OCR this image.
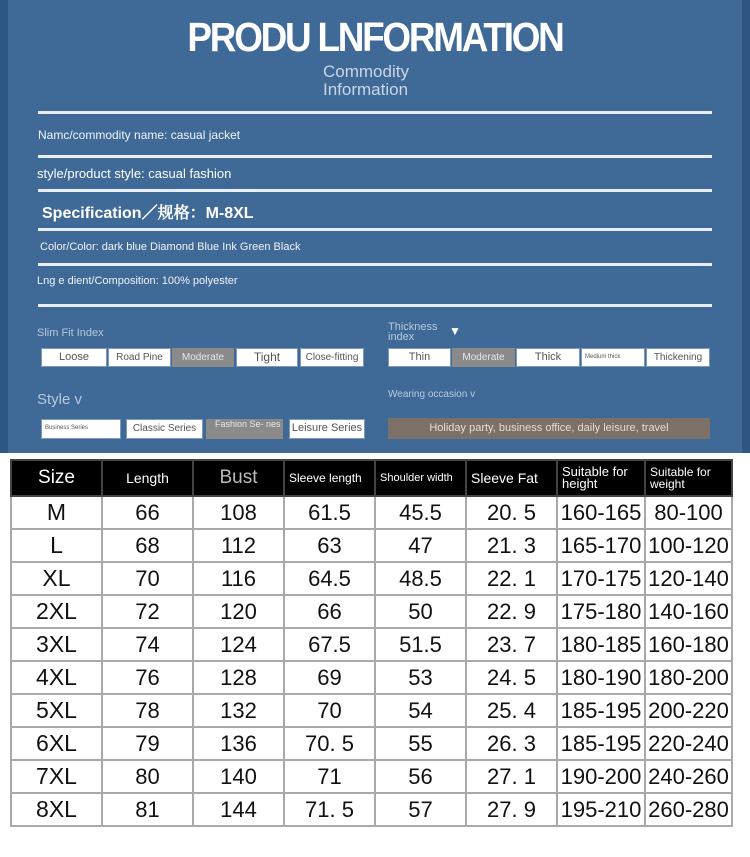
PRODU LNFORMATION
Commodity
Information
Namc/commodity name: casual jacket
style/product style: casual fashion
Specification／规格：M-8XL
Color/Color: dark blue Diamond Blue Ink Green Black
Lng e dient/Composition: 100% polyester
Slim Fit Index
Loose	Road Pine	Moderate	Tight	Close-fitting
Thickness index	▼
Thin	Moderate	Thick	Medium thick	Thickening
Style v
Business Series	Classic Series	Fashion Se- nes Leisure Series
Wearing occasion v
Holiday party, business office, daily leisure, travel
Size	Length	Bust	Sleeve length	Shoulder width	Sleeve Fat	Suitable for height	Suitable for weight
M	66	108	61.5	45.5	20. 5	160-165	80-100
L	68	112	63	47	21. 3	165-170	100-120
XL	70	116	64.5	48.5	22. 1	170-175	120-140
2XL	72	120	66	50	22. 9	175-180	140-160
3XL	74	124	67.5	51.5	23. 7	180-185	160-180
4XL	76	128	69	53	24. 5	180-190	180-200
5XL	78	132	70	54	25. 4	185-195	200-220
6XL	79	136	70. 5	55	26. 3	185-195	220-240
7XL	80	140	71	56	27. 1	190-200	240-260
8XL	81	144	71. 5	57	27. 9	195-210	260-280
